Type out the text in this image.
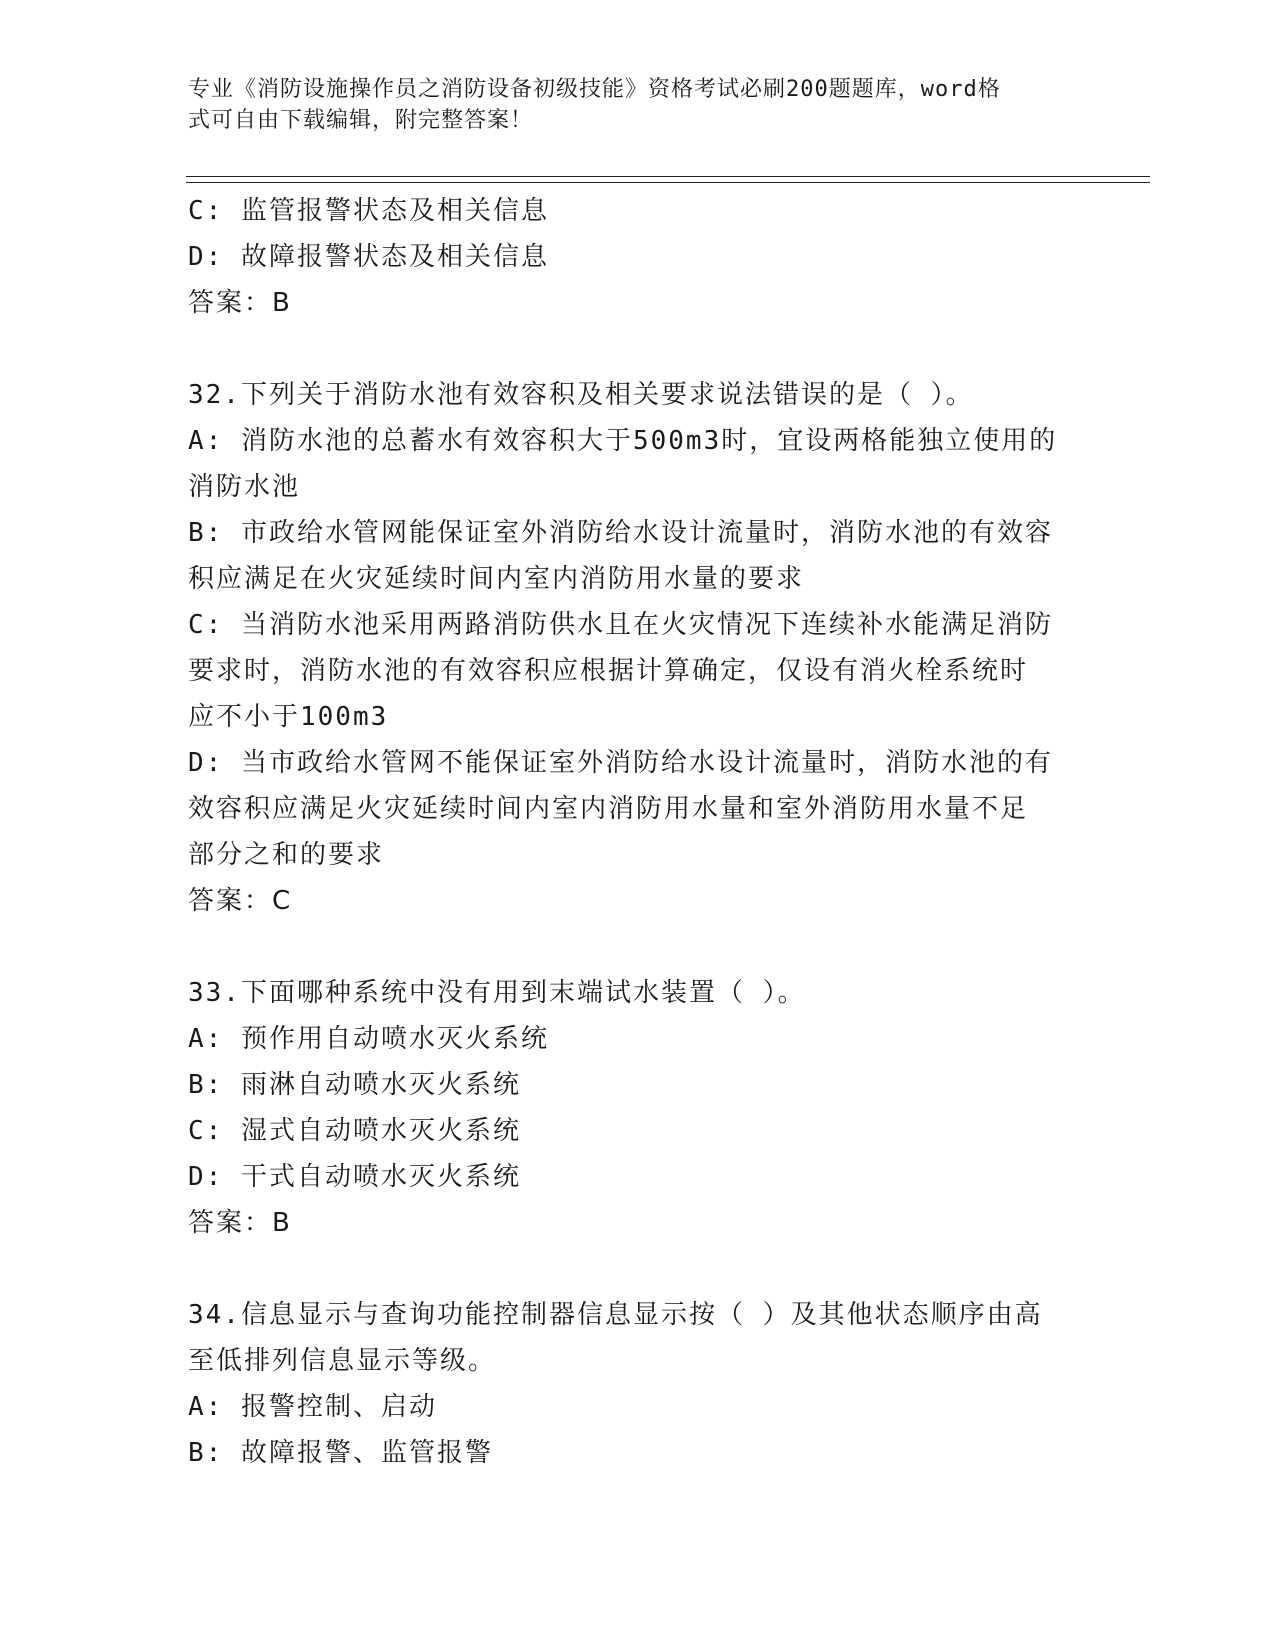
专业《消防设施操作员之消防设备初级技能》资格考试必刷200题题库，word格
式可自由下载编辑，附完整答案！
C: 监管报警状态及相关信息
D: 故障报警状态及相关信息
答案：B
32.下列关于消防水池有效容积及相关要求说法错误的是（ ）。
A: 消防水池的总蓄水有效容积大于500m3时，宜设两格能独立使用的
消防水池
B: 市政给水管网能保证室外消防给水设计流量时，消防水池的有效容
积应满足在火灾延续时间内室内消防用水量的要求
C: 当消防水池采用两路消防供水且在火灾情况下连续补水能满足消防
要求时，消防水池的有效容积应根据计算确定，仅设有消火栓系统时
应不小于100m3
D: 当市政给水管网不能保证室外消防给水设计流量时，消防水池的有
效容积应满足火灾延续时间内室内消防用水量和室外消防用水量不足
部分之和的要求
答案：C
33.下面哪种系统中没有用到末端试水装置（ ）。
A: 预作用自动喷水灭火系统
B: 雨淋自动喷水灭火系统
C: 湿式自动喷水灭火系统
D: 干式自动喷水灭火系统
答案：B
34.信息显示与查询功能控制器信息显示按（ ）及其他状态顺序由高
至低排列信息显示等级。
A: 报警控制、启动
B: 故障报警、监管报警
